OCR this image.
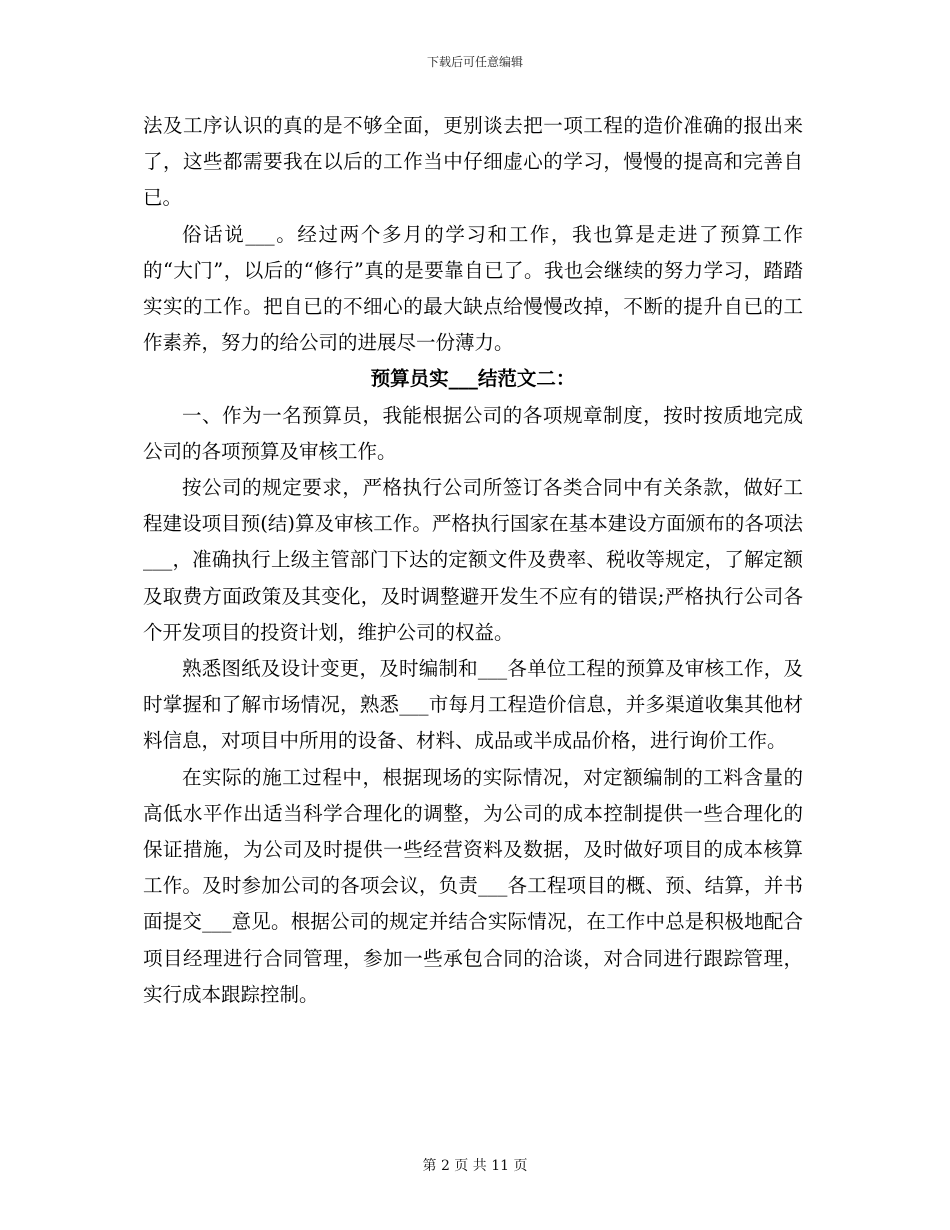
下载后可任意编辑

法及工序认识的真的是不够全面，更别谈去把一项工程的造价准确的报出来了，这些都需要我在以后的工作当中仔细虚心的学习，慢慢的提高和完善自已。

俗话说___。经过两个多月的学习和工作，我也算是走进了预算工作的“大门”，以后的“修行”真的是要靠自已了。我也会继续的努力学习，踏踏实实的工作。把自已的不细心的最大缺点给慢慢改掉，不断的提升自已的工作素养，努力的给公司的进展尽一份薄力。

预算员实___结范文二：

一、作为一名预算员，我能根据公司的各项规章制度，按时按质地完成公司的各项预算及审核工作。

按公司的规定要求，严格执行公司所签订各类合同中有关条款，做好工程建设项目预(结)算及审核工作。严格执行国家在基本建设方面颁布的各项法___，准确执行上级主管部门下达的定额文件及费率、税收等规定，了解定额及取费方面政策及其变化，及时调整避开发生不应有的错误;严格执行公司各个开发项目的投资计划，维护公司的权益。

熟悉图纸及设计变更，及时编制和___各单位工程的预算及审核工作，及时掌握和了解市场情况，熟悉___市每月工程造价信息，并多渠道收集其他材料信息，对项目中所用的设备、材料、成品或半成品价格，进行询价工作。

在实际的施工过程中，根据现场的实际情况，对定额编制的工料含量的高低水平作出适当科学合理化的调整，为公司的成本控制提供一些合理化的保证措施，为公司及时提供一些经营资料及数据，及时做好项目的成本核算工作。及时参加公司的各项会议，负责___各工程项目的概、预、结算，并书面提交___意见。根据公司的规定并结合实际情况，在工作中总是积极地配合项目经理进行合同管理，参加一些承包合同的洽谈，对合同进行跟踪管理，实行成本跟踪控制。

第 2 页 共 11 页
